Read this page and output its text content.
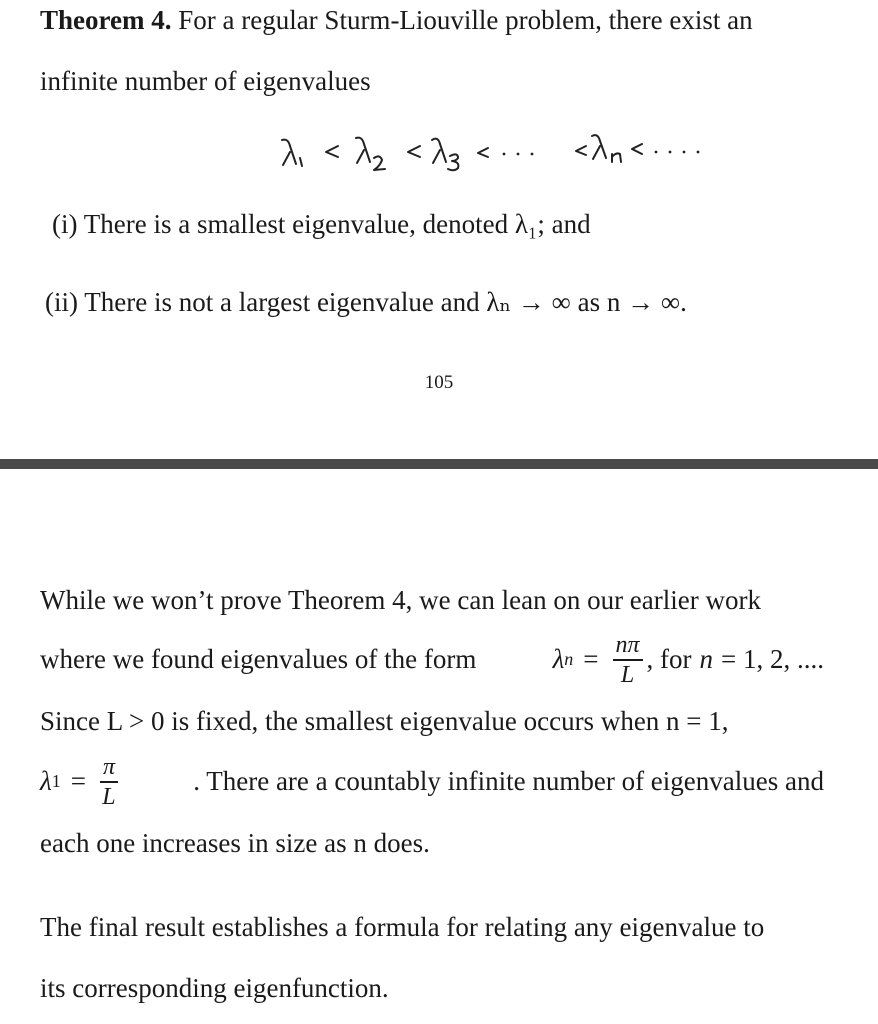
Theorem 4. For a regular Sturm-Liouville problem, there exist an
infinite number of eigenvalues
(i) There is a smallest eigenvalue, denoted λ₁; and
(ii) There is not a largest eigenvalue and λₙ → ∞ as n → ∞.
105
While we won’t prove Theorem 4, we can lean on our earlier work
where we found eigenvalues of the form	λ $n = \frac{n\pi}{L}$ , for n = 1, 2, ....
Since L > 0 is fixed, the smallest eigenvalue occurs when n = 1,
λ $1 = \frac{\pi}{L}$	. There are a countably infinite number of eigenvalues and
each one increases in size as n does.
The final result establishes a formula for relating any eigenvalue to
its corresponding eigenfunction.
